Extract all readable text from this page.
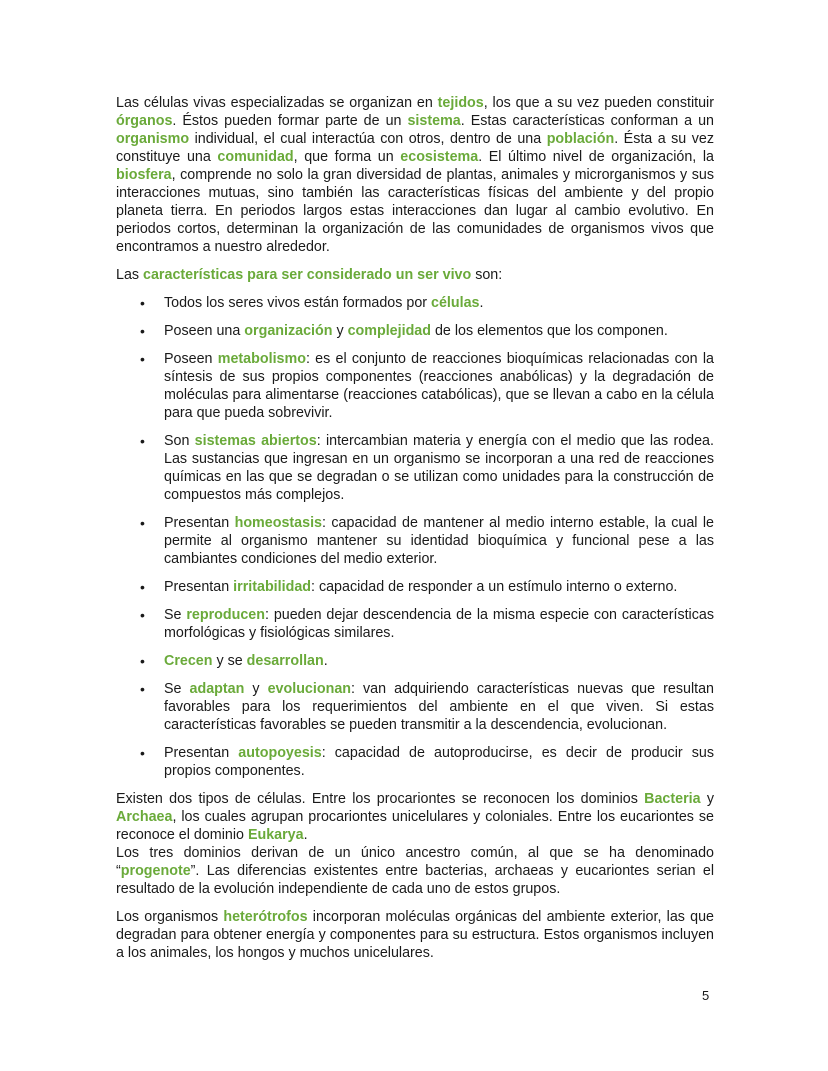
Las células vivas especializadas se organizan en tejidos, los que a su vez pueden constituir órganos. Éstos pueden formar parte de un sistema. Estas características conforman a un organismo individual, el cual interactúa con otros, dentro de una población. Ésta a su vez constituye una comunidad, que forma un ecosistema. El último nivel de organización, la biosfera, comprende no solo la gran diversidad de plantas, animales y microrganismos y sus interacciones mutuas, sino también las características físicas del ambiente y del propio planeta tierra. En periodos largos estas interacciones dan lugar al cambio evolutivo. En periodos cortos, determinan la organización de las comunidades de organismos vivos que encontramos a nuestro alrededor.

Las características para ser considerado un ser vivo son:

• Todos los seres vivos están formados por células.
• Poseen una organización y complejidad de los elementos que los componen.
• Poseen metabolismo: es el conjunto de reacciones bioquímicas relacionadas con la síntesis de sus propios componentes (reacciones anabólicas) y la degradación de moléculas para alimentarse (reacciones catabólicas), que se llevan a cabo en la célula para que pueda sobrevivir.
• Son sistemas abiertos: intercambian materia y energía con el medio que las rodea. Las sustancias que ingresan en un organismo se incorporan a una red de reacciones químicas en las que se degradan o se utilizan como unidades para la construcción de compuestos más complejos.
• Presentan homeostasis: capacidad de mantener al medio interno estable, la cual le permite al organismo mantener su identidad bioquímica y funcional pese a las cambiantes condiciones del medio exterior.
• Presentan irritabilidad: capacidad de responder a un estímulo interno o externo.
• Se reproducen: pueden dejar descendencia de la misma especie con características morfológicas y fisiológicas similares.
• Crecen y se desarrollan.
• Se adaptan y evolucionan: van adquiriendo características nuevas que resultan favorables para los requerimientos del ambiente en el que viven. Si estas características favorables se pueden transmitir a la descendencia, evolucionan.
• Presentan autopoyesis: capacidad de autoproducirse, es decir de producir sus propios componentes.

Existen dos tipos de células. Entre los procariontes se reconocen los dominios Bacteria y Archaea, los cuales agrupan procariontes unicelulares y coloniales. Entre los eucariontes se reconoce el dominio Eukarya.

Los tres dominios derivan de un único ancestro común, al que se ha denominado “progenote”. Las diferencias existentes entre bacterias, archaeas y eucariontes serian el resultado de la evolución independiente de cada uno de estos grupos.

Los organismos heterótrofos incorporan moléculas orgánicas del ambiente exterior, las que degradan para obtener energía y componentes para su estructura. Estos organismos incluyen a los animales, los hongos y muchos unicelulares.

5
